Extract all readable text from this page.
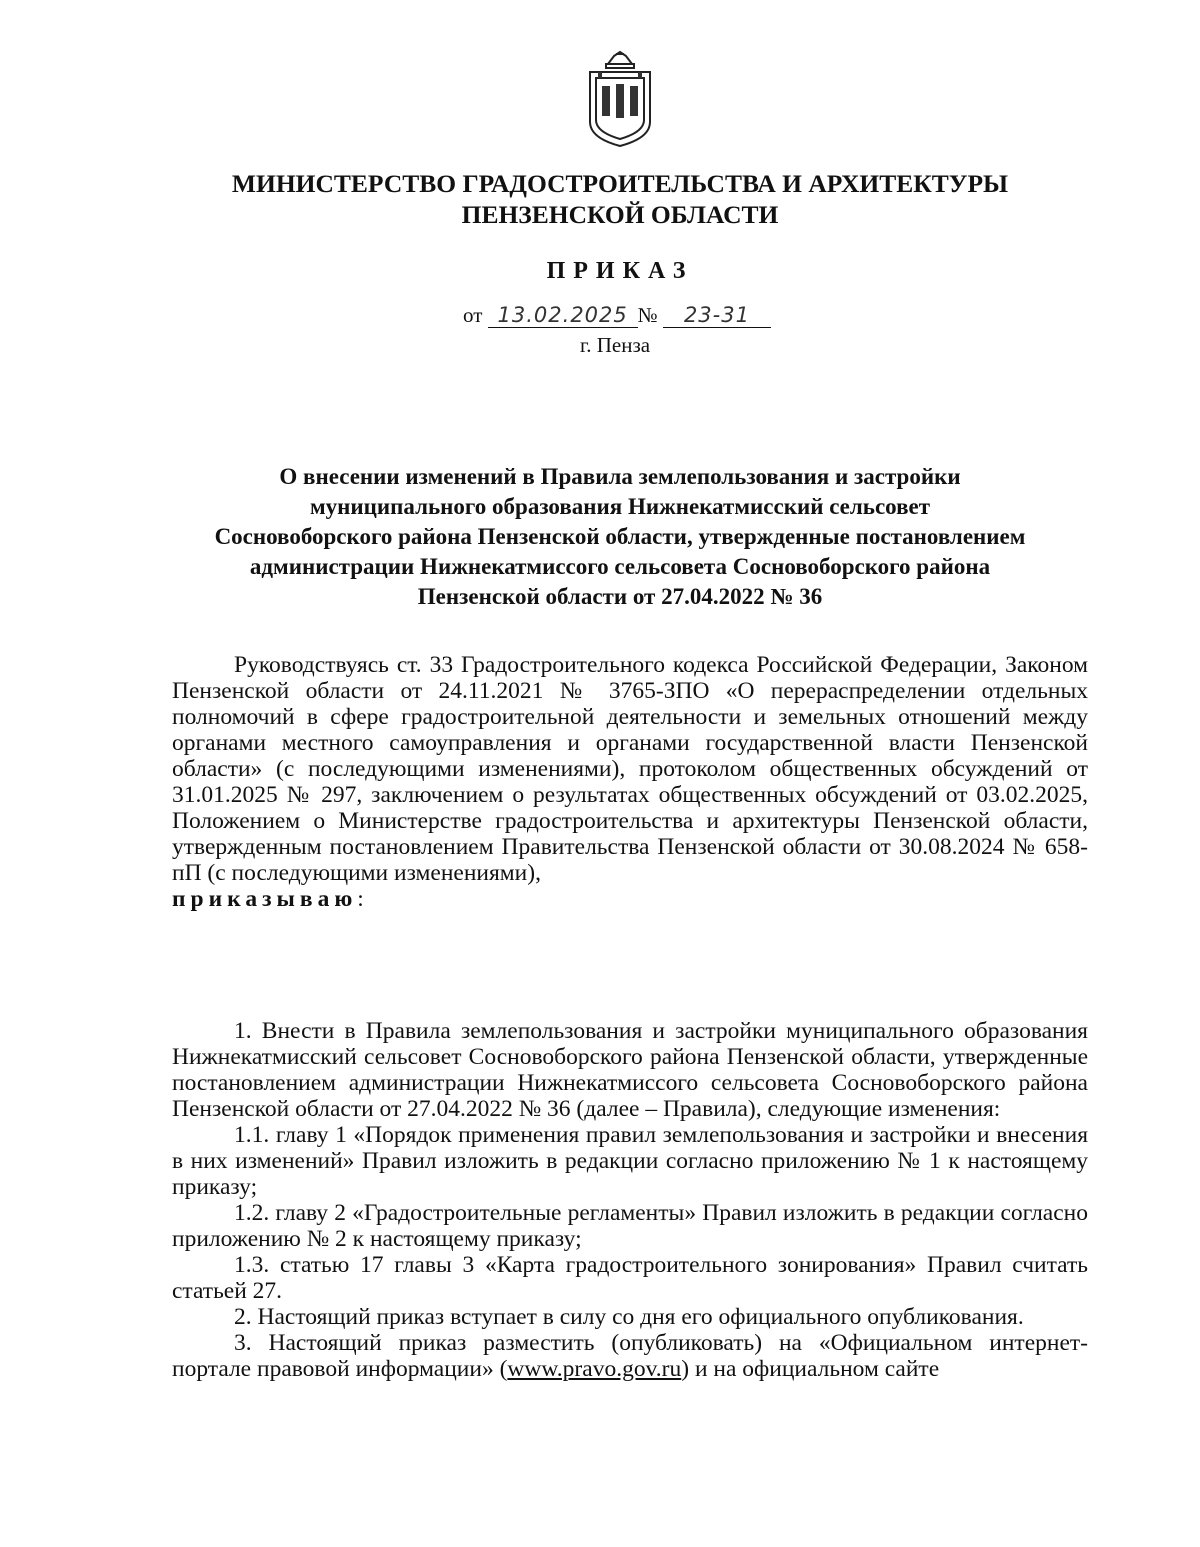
МИНИСТЕРСТВО ГРАДОСТРОИТЕЛЬСТВА И АРХИТЕКТУРЫ
ПЕНЗЕНСКОЙ ОБЛАСТИ
ПРИКАЗ
от 13.02.2025 № 23-31
г. Пенза
О внесении изменений в Правила землепользования и застройки
муниципального образования Нижнекатмисский сельсовет
Сосновоборского района Пензенской области, утвержденные постановлением
администрации Нижнекатмиссого сельсовета Сосновоборского района
Пензенской области от 27.04.2022 № 36
Руководствуясь ст. 33 Градостроительного кодекса Российской Федерации, Законом Пензенской области от 24.11.2021 № 3765-ЗПО «О перераспределении отдельных полномочий в сфере градостроительной деятельности и земельных отношений между органами местного самоуправления и органами государственной власти Пензенской области» (с последующими изменениями), протоколом общественных обсуждений от 31.01.2025 № 297, заключением о результатах общественных обсуждений от 03.02.2025, Положением о Министерстве градостроительства и архитектуры Пензенской области, утвержденным постановлением Правительства Пензенской области от 30.08.2024 № 658-пП (с последующими изменениями),
приказываю:
1. Внести в Правила землепользования и застройки муниципального образования Нижнекатмисский сельсовет Сосновоборского района Пензенской области, утвержденные постановлением администрации Нижнекатмиссого сельсовета Сосновоборского района Пензенской области от 27.04.2022 № 36 (далее – Правила), следующие изменения:
1.1. главу 1 «Порядок применения правил землепользования и застройки и внесения в них изменений» Правил изложить в редакции согласно приложению № 1 к настоящему приказу;
1.2. главу 2 «Градостроительные регламенты» Правил изложить в редакции согласно приложению № 2 к настоящему приказу;
1.3. статью 17 главы 3 «Карта градостроительного зонирования» Правил считать статьей 27.
2. Настоящий приказ вступает в силу со дня его официального опубликования.
3. Настоящий приказ разместить (опубликовать) на «Официальном интернет-портале правовой информации» (www.pravo.gov.ru) и на официальном сайте
